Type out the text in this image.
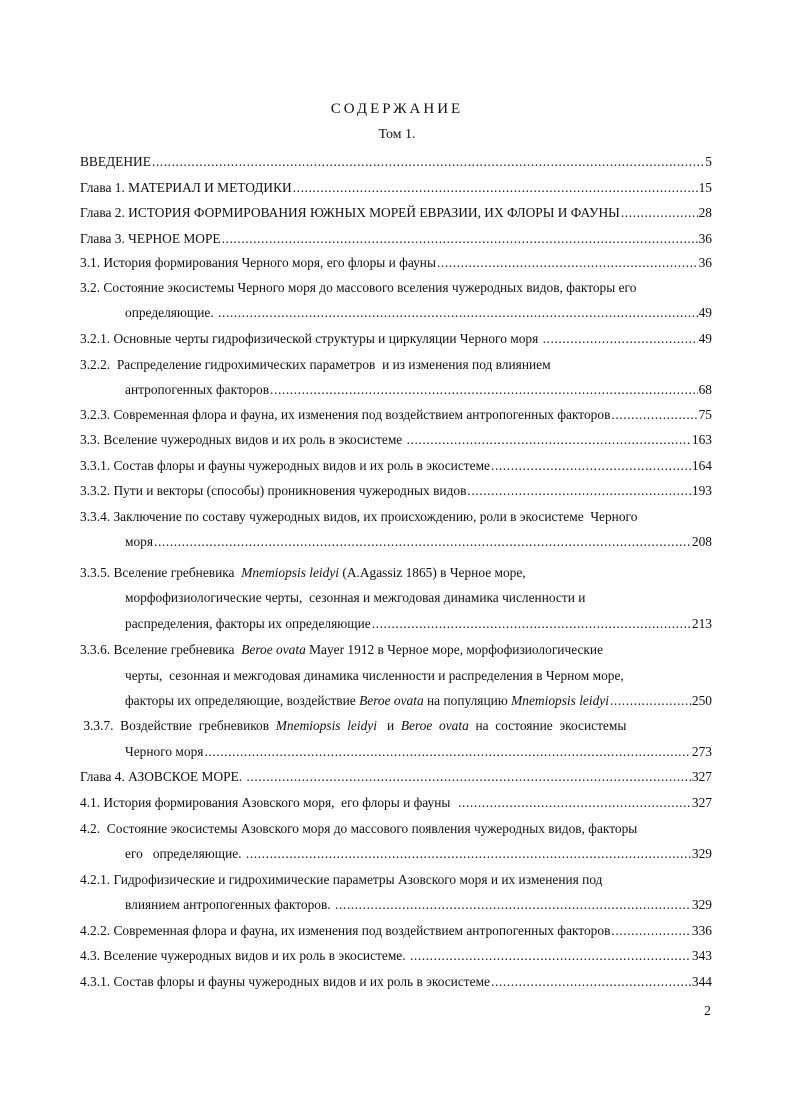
СОДЕРЖАНИЕ
Том 1.
ВВЕДЕНИЕ .....	5
Глава 1. МАТЕРИАЛ И МЕТОДИКИ .....	15
Глава 2. ИСТОРИЯ ФОРМИРОВАНИЯ ЮЖНЫХ МОРЕЙ ЕВРАЗИИ, ИХ ФЛОРЫ И ФАУНЫ .....	28
Глава 3. ЧЕРНОЕ МОРЕ .....	36
3.1. История формирования Черного моря, его флоры и фауны .....	36
3.2. Состояние экосистемы Черного моря до массового вселения чужеродных видов, факторы его
определяющие. .....	49
3.2.1. Основные черты гидрофизической структуры и циркуляции Черного моря .....	49
3.2.2.  Распределение гидрохимических параметров  и из изменения под влиянием
антропогенных факторов .....	68
3.2.3. Современная флора и фауна, их изменения под воздействием антропогенных факторов .....	75
3.3. Вселение чужеродных видов и их роль в экосистеме .....	163
3.3.1. Состав флоры и фауны чужеродных видов и их роль в экосистеме .....	164
3.3.2. Пути и векторы (способы) проникновения чужеродных видов .....	193
3.3.4. Заключение по составу чужеродных видов, их происхождению, роли в экосистеме  Черного
моря .....	208
3.3.5. Вселение гребневика Mnemiopsis leidyi (A.Agassiz 1865) в Черное море,
морфофизиологические черты,  сезонная и межгодовая динамика численности и
распределения, факторы их определяющие .....	213
3.3.6. Вселение гребневика Beroe ovata Mayer 1912 в Черное море, морфофизиологические
черты,  сезонная и межгодовая динамика численности и распределения в Черном море,
факторы их определяющие, воздействие Beroe ovata на популяцию Mnemiopsis leidyi .....	250
3.3.7.  Воздействие  гребневиков Mnemiopsis  leidyi и Beroe  ovata на  состояние  экосистемы
Черного моря .....	273
Глава 4. АЗОВСКОЕ МОРЕ. .....	327
4.1. История формирования Азовского моря,  его флоры и фауны .....	327
4.2.  Состояние экосистемы Азовского моря до массового появления чужеродных видов, факторы
его   определяющие. .....	329
4.2.1. Гидрофизические и гидрохимические параметры Азовского моря и их изменения под
влиянием антропогенных факторов. .....	329
4.2.2. Современная флора и фауна, их изменения под воздействием антропогенных факторов .....	336
4.3. Вселение чужеродных видов и их роль в экосистеме. .....	343
4.3.1. Состав флоры и фауны чужеродных видов и их роль в экосистеме .....	344
2
